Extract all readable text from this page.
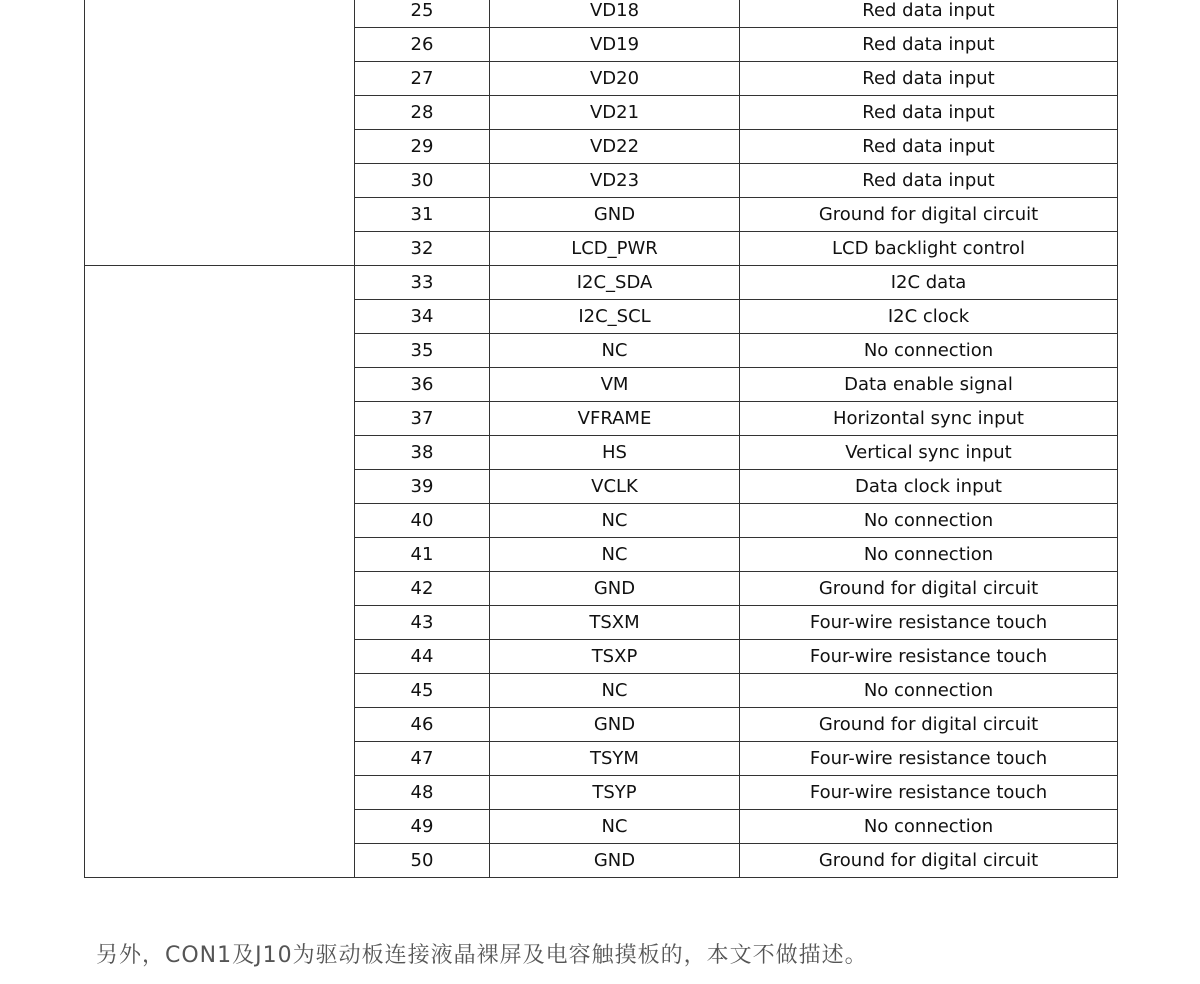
	25	VD18	Red data input
	26	VD19	Red data input
	27	VD20	Red data input
	28	VD21	Red data input
	29	VD22	Red data input
	30	VD23	Red data input
	31	GND	Ground for digital circuit
	32	LCD_PWR	LCD backlight control
	33	I2C_SDA	I2C data
	34	I2C_SCL	I2C clock
	35	NC	No connection
	36	VM	Data enable signal
	37	VFRAME	Horizontal sync input
	38	HS	Vertical sync input
	39	VCLK	Data clock input
	40	NC	No connection
	41	NC	No connection
	42	GND	Ground for digital circuit
	43	TSXM	Four-wire resistance touch
	44	TSXP	Four-wire resistance touch
	45	NC	No connection
	46	GND	Ground for digital circuit
	47	TSYM	Four-wire resistance touch
	48	TSYP	Four-wire resistance touch
	49	NC	No connection
	50	GND	Ground for digital circuit

另外，CON1及J10为驱动板连接液晶裸屏及电容触摸板的，本文不做描述。
